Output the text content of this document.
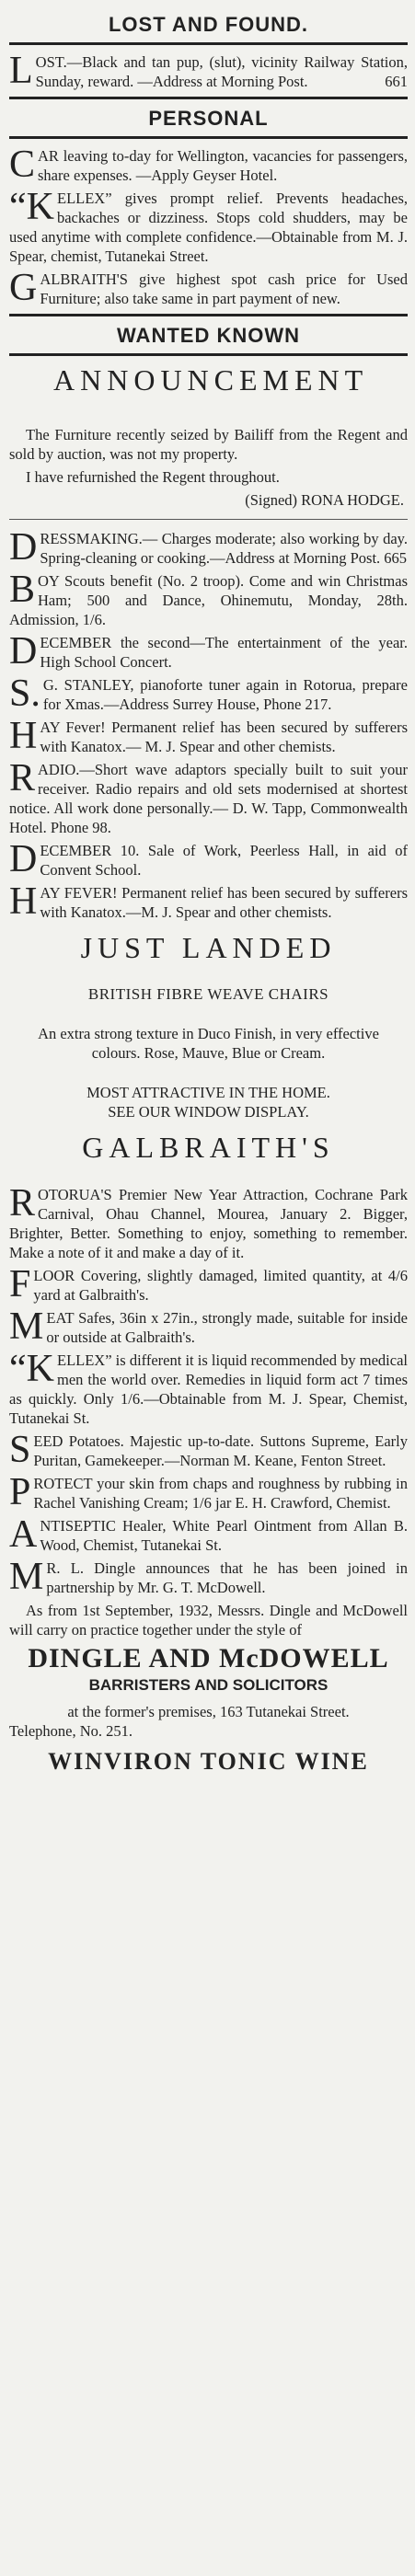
LOST AND FOUND.
L OST.—Black and tan pup, (slut), vicinity Railway Station, Sunday, reward. —Address at Morning Post.	661
PERSONAL
C AR leaving to-day for Wellington, vacancies for passengers, share expenses. —Apply Geyser Hotel.
“K ELLEX” gives prompt relief. Prevents headaches, backaches or dizziness. Stops cold shudders, may be used anytime with complete confidence.—Obtainable from M. J. Spear, chemist, Tutanekai Street.
G ALBRAITH'S give highest spot cash price for Used Furniture; also take same in part payment of new.
WANTED KNOWN
ANNOUNCEMENT
The Furniture recently seized by Bailiff from the Regent and sold by auction, was not my property.
I have refurnished the Regent throughout.
(Signed) RONA HODGE.
DRESSMAKING.— Charges moderate; also working by day. Spring-cleaning or cooking.—Address at Morning Post. 665
BOY Scouts benefit (No. 2 troop). Come and win Christmas Ham; 500 and Dance, Ohinemutu, Monday, 28th. Admission, 1/6.
DECEMBER the second—The entertainment of the year. High School Concert.
S. G. STANLEY, pianoforte tuner again in Rotorua, prepare for Xmas.—Address Surrey House, Phone 217.
HAY Fever! Permanent relief has been secured by sufferers with Kanatox.— M. J. Spear and other chemists.
RADIO.—Short wave adaptors specially built to suit your receiver. Radio repairs and old sets modernised at shortest notice. All work done personally.— D. W. Tapp, Commonwealth Hotel. Phone 98.
DECEMBER 10. Sale of Work, Peerless Hall, in aid of Convent School.
HAY FEVER! Permanent relief has been secured by sufferers with Kanatox.—M. J. Spear and other chemists.
JUST LANDED
BRITISH FIBRE WEAVE CHAIRS
An extra strong texture in Duco Finish, in very effective colours. Rose, Mauve, Blue or Cream.
MOST ATTRACTIVE IN THE HOME.
SEE OUR WINDOW DISPLAY.
GALBRAITH'S
ROTORUA'S Premier New Year Attraction, Cochrane Park Carnival, Ohau Channel, Mourea, January 2. Bigger, Brighter, Better. Something to enjoy, something to remember. Make a note of it and make a day of it.
FLOOR Covering, slightly damaged, limited quantity, at 4/6 yard at Galbraith's.
MEAT Safes, 36in x 27in., strongly made, suitable for inside or outside at Galbraith's.
“KELLEX” is different it is liquid recommended by medical men the world over. Remedies in liquid form act 7 times as quickly. Only 1/6.—Obtainable from M. J. Spear, Chemist, Tutanekai St.
SEED Potatoes. Majestic up-to-date. Suttons Supreme, Early Puritan, Gamekeeper.—Norman M. Keane, Fenton Street.
PROTECT your skin from chaps and roughness by rubbing in Rachel Vanishing Cream; 1/6 jar E. H. Crawford, Chemist.
ANTISEPTIC Healer, White Pearl Ointment from Allan B. Wood, Chemist, Tutanekai St.
M R. L. Dingle announces that he has been joined in partnership by Mr. G. T. McDowell.
As from 1st September, 1932, Messrs. Dingle and McDowell will carry on practice together under the style of
DINGLE AND McDOWELL
BARRISTERS AND SOLICITORS
at the former's premises, 163 Tutanekai Street.
Telephone, No. 251.
WINVIRON TONIC WINE
